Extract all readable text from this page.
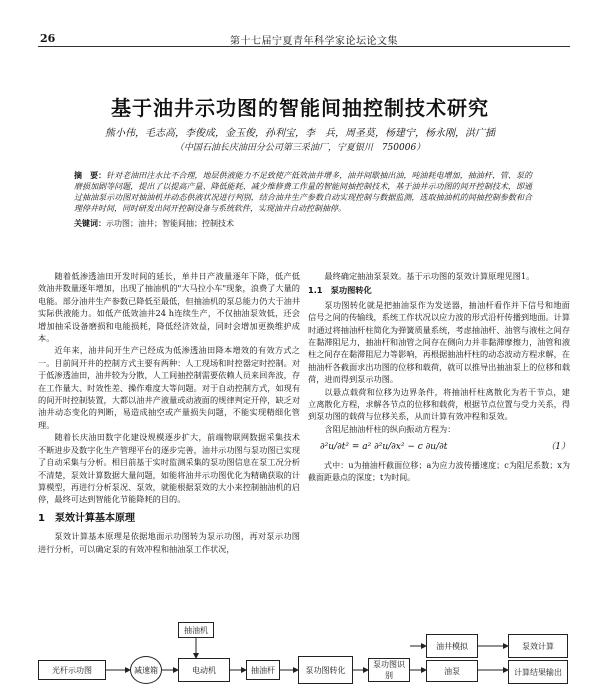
26	第十七届宁夏青年科学家论坛论文集
基于油井示功图的智能间抽控制技术研究
熊小伟，毛志高，李俊成，金玉俊，孙利宝，李　兵，周圣莫，杨建宁，杨永刚，洪广插
（中国石油长庆油田分公司第三采油厂，宁夏银川　750006）
摘　要：针对老油田注水比不合理，地层供液能力不足致使产低效油井增多，油井间歇抽出油，吨油耗电增加，抽油杆、管、泵的磨损加剧等问题，提出了以提高产量、降低能耗、减少维修费工作量的智能间抽控制技术，基于油井示功图的间开控制技术，即通过抽油泵示功图对抽油机井动态供液状况进行判别，结合油井生产参数自动实现控制与数据监测，选取抽油机的间抽控制参数和合理停井时间，同时研发出间开控制设备与系统软件，实现油井自动控制抽停。
关键词：示功图；油井；智能间抽；控制技术

随着低渗透油田开发时间的延长，单井日产液量逐年下降，低产低效油井数量逐年增加，出现了抽油机的"大马拉小车"现象，浪费了大量的电能。部分油井生产参数已降低至最低，但抽油机的泵总能力仍大于油井实际供液能力。如低产低效油井24 h连续生产，不仅抽油泵效低，还会增加抽采设备磨损和电能损耗，降低经济效益，同时会增加更换维护成本。

近年来，油井间开生产已经成为低渗透油田降本增效的有效方式之一。目前间开井的控制方式主要有两种：人工现场和时控器定时控制。对于低渗透油田，油井较为分散，人工间抽控制需要依赖人员来回奔波，存在工作量大、时效性差、操作难度大等问题。对于自动控制方式，如现有的间开时控制装置，大都以油井产液量或动液面的规律判定开停，缺乏对油井动态变化的判断，易造成抽空或产量损失问题，不能实现精细化管理。

随着长庆油田数字化建设规模逐步扩大，前端物联网数据采集技术不断进步及数字化生产管理平台的逐步完善，油井示功图与泵功图已实现了自动采集与分析。相目前基于实时监测采集的泵功图信息在泵工况分析不清楚，泵效计算数据大量问题，如能将油井示功图优化为精确获取的计算模型，再进行分析泵况、泵效，就能根据泵效的大小来控制抽油机的启停，最终可达到智能化节能降耗的目的。

1　泵效计算基本原理

泵效计算基本原理是依据地面示功图转为泵示功图，再对泵示功图进行分析，可以确定泵的有效冲程和抽油泵工作状况，

最终确定抽油泵泵效。基于示功图的泵效计算原理见图1。

1.1　泵功图转化

泵功图转化就是把抽油泵作为发送器，抽油杆看作并下信号和地面信号之间的传输线，系统工作状况以应力波的形式沿杆传播到地面。计算时通过将抽油杆柱简化为弹簧质量系统，考虑抽油杆、油管与液柱之间存在黏滞阻尼力，抽油杆和油管之间存在侧向力并非黏滞摩擦力，油管和液柱之间存在黏滞阻尼力等影响，再根据抽油杆柱的动态波动方程求解，在抽油杆各截面求出功图的位移和载荷，就可以推导出抽油泵上的位移和载荷，进而得到泵示功图。

以悬点载荷和位移为边界条件，将抽油杆柱离散化为若干节点，建立离散化方程，求解各节点的位移和载荷，根据节点位置与受力关系，得到泵功图的载荷与位移关系，从而计算有效冲程和泵效。

含阻尼抽油杆柱的纵向振动方程为：

∂²u/∂t² = a² ∂²u/∂x² − c ∂u/∂t	（1）

式中：u为抽油杆截面位移；a为应力波传播速度；c为阻尼系数；x为截面距悬点的深度；t为时间。

光杆示功图	减速箱
抽油机
电动机	抽油杆	泵功图转化
泵功图识别
油井模拟
油泵
泵效计算
计算结果输出
